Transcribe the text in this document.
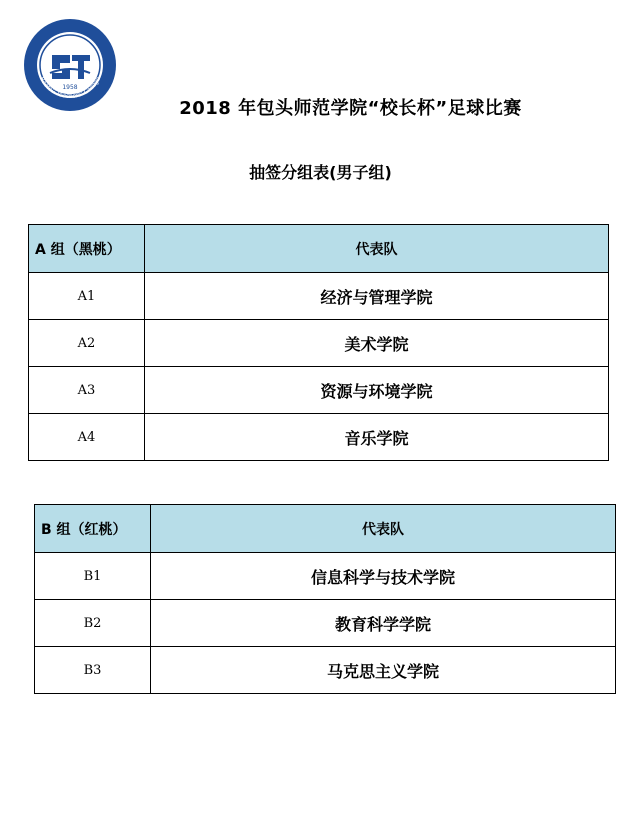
BT
1958
Baotou Teachers' College
2018 年包头师范学院“校长杯”足球比赛
抽签分组表(男子组)
A 组（黑桃）	代表队
A1	经济与管理学院
A2	美术学院
A3	资源与环境学院
A4	音乐学院
B 组（红桃）	代表队
B1	信息科学与技术学院
B2	教育科学学院
B3	马克思主义学院
